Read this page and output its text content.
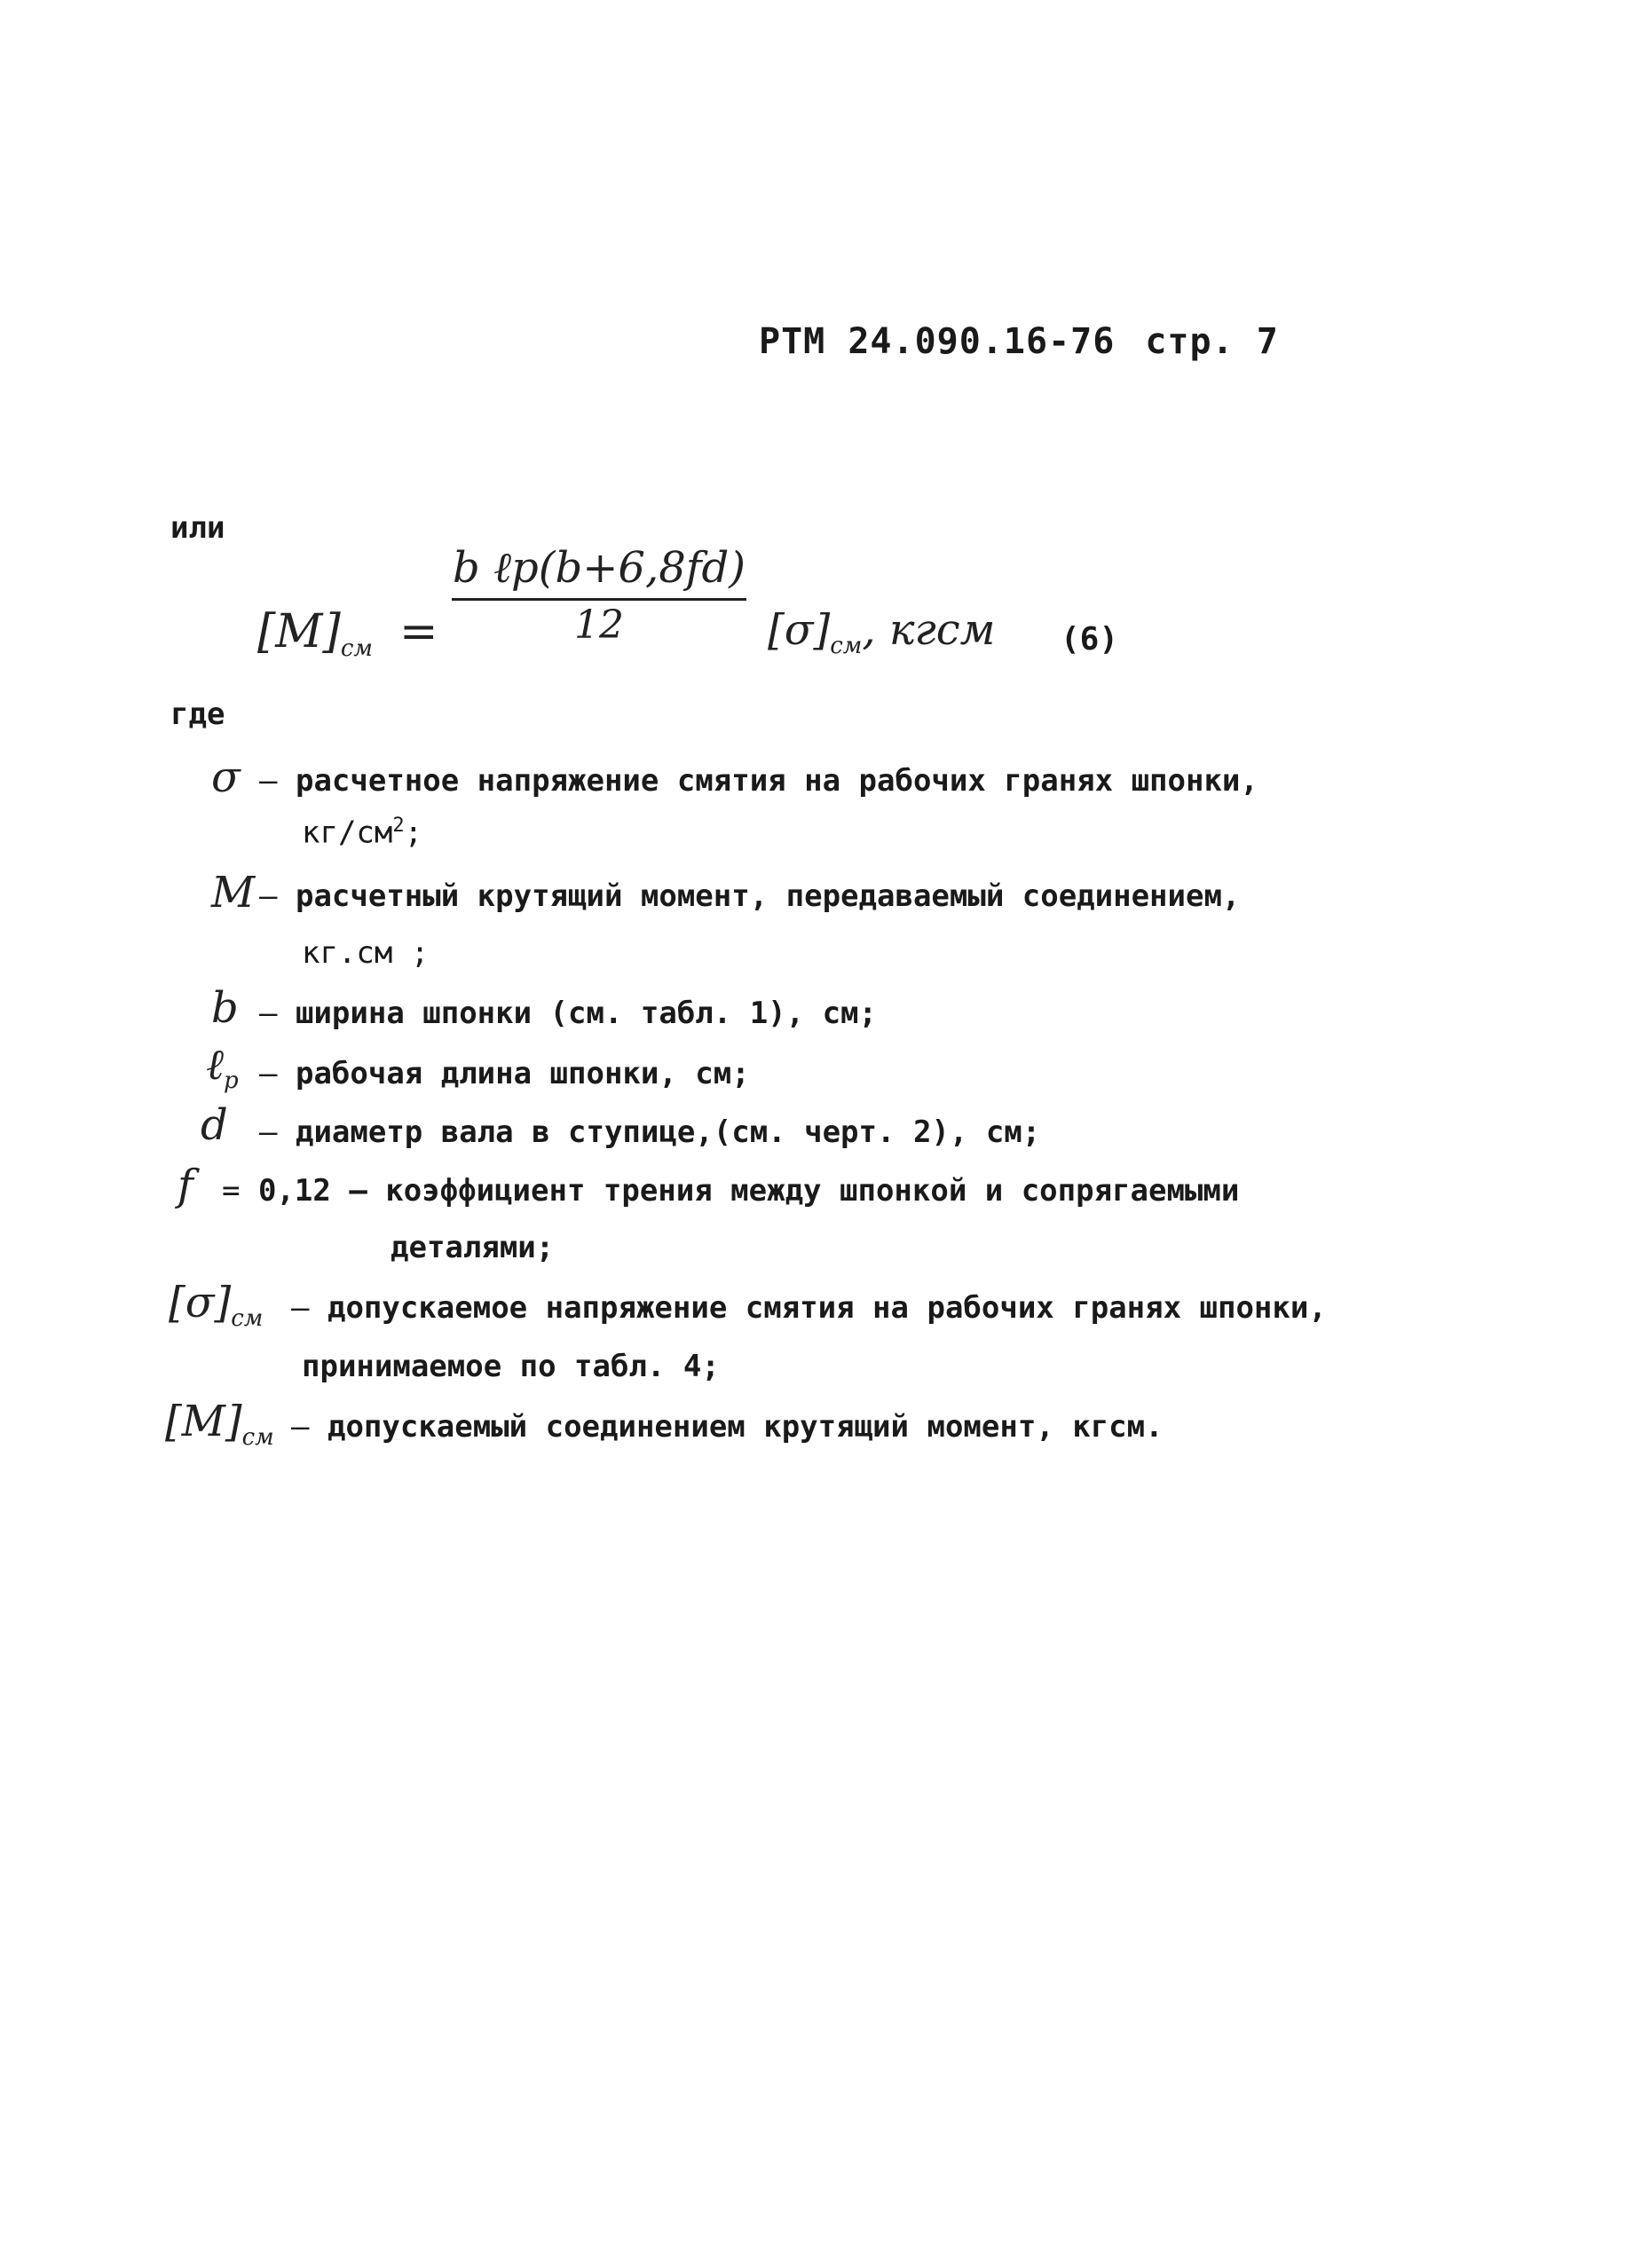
РТМ 24.090.16-76 стр. 7
или
$[M]_{см}$ =
b ℓp(b+6,8fd)
12	$[\sigma]_{см}$, кгсм (6)
где
σ – расчетное напряжение смятия на рабочих гранях шпонки,
$кг/см^2$;
M – расчетный крутящий момент, передаваемый соединением,
кг.см ;
b – ширина шпонки (см. табл. 1), см;
ℓ$_p$ – рабочая длина шпонки, см;
d – диаметр вала в ступице,(см. черт. 2), см;
f = 0,12 – коэффициент трения между шпонкой и сопрягаемыми
деталями;
$[\sigma]_{см}$ – допускаемое напряжение смятия на рабочих гранях шпонки,
принимаемое по табл. 4;
$[M]_{см}$ – допускаемый соединением крутящий момент, кгсм.
